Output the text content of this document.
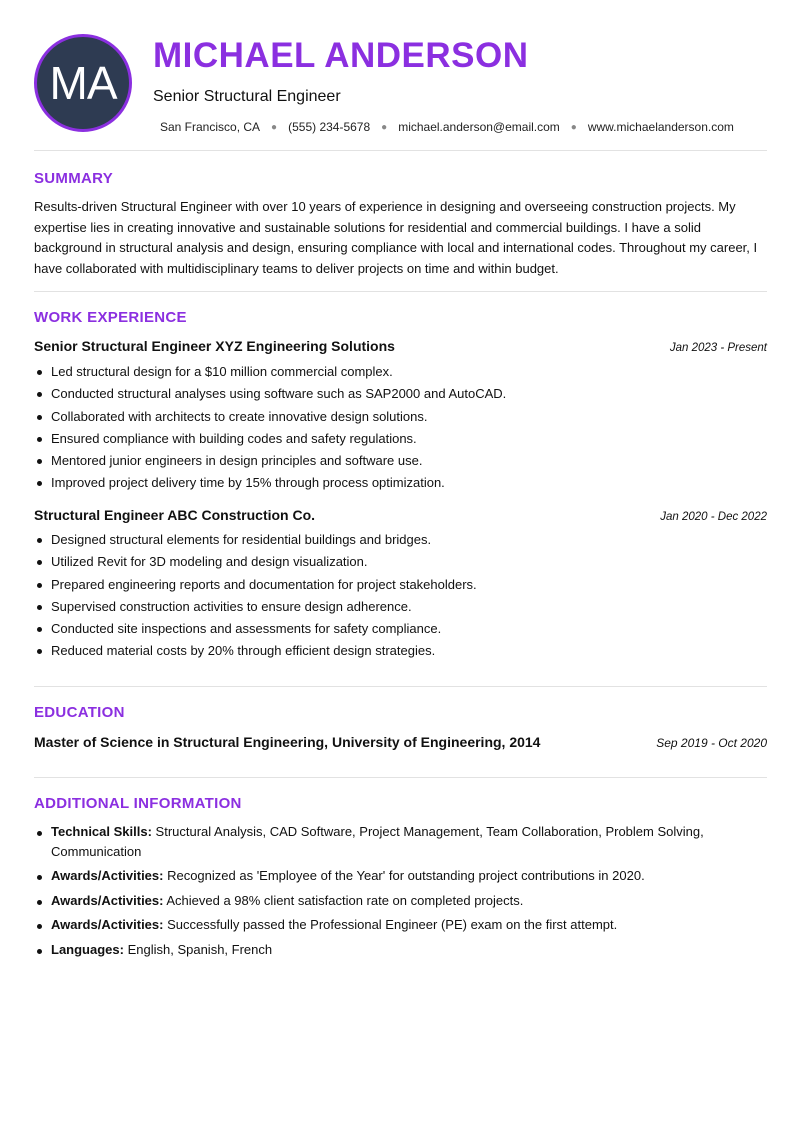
MA
MICHAEL ANDERSON
Senior Structural Engineer
San Francisco, CA ● (555) 234-5678 ● michael.anderson@email.com ● www.michaelanderson.com
SUMMARY

Results-driven Structural Engineer with over 10 years of experience in designing and overseeing construction projects. My expertise lies in creating innovative and sustainable solutions for residential and commercial buildings. I have a solid background in structural analysis and design, ensuring compliance with local and international codes. Throughout my career, I have collaborated with multidisciplinary teams to deliver projects on time and within budget.

WORK EXPERIENCE
Senior Structural Engineer XYZ Engineering Solutions	Jan 2023 - Present
Led structural design for a $10 million commercial complex.
Conducted structural analyses using software such as SAP2000 and AutoCAD.
Collaborated with architects to create innovative design solutions.
Ensured compliance with building codes and safety regulations.
Mentored junior engineers in design principles and software use.
Improved project delivery time by 15% through process optimization.
Structural Engineer ABC Construction Co.	Jan 2020 - Dec 2022
Designed structural elements for residential buildings and bridges.
Utilized Revit for 3D modeling and design visualization.
Prepared engineering reports and documentation for project stakeholders.
Supervised construction activities to ensure design adherence.
Conducted site inspections and assessments for safety compliance.
Reduced material costs by 20% through efficient design strategies.
EDUCATION
Master of Science in Structural Engineering, University of Engineering, 2014	Sep 2019 - Oct 2020
ADDITIONAL INFORMATION
Technical Skills: Structural Analysis, CAD Software, Project Management, Team Collaboration, Problem Solving, Communication
Awards/Activities: Recognized as 'Employee of the Year' for outstanding project contributions in 2020.
Awards/Activities: Achieved a 98% client satisfaction rate on completed projects.
Awards/Activities: Successfully passed the Professional Engineer (PE) exam on the first attempt.
Languages: English, Spanish, French
